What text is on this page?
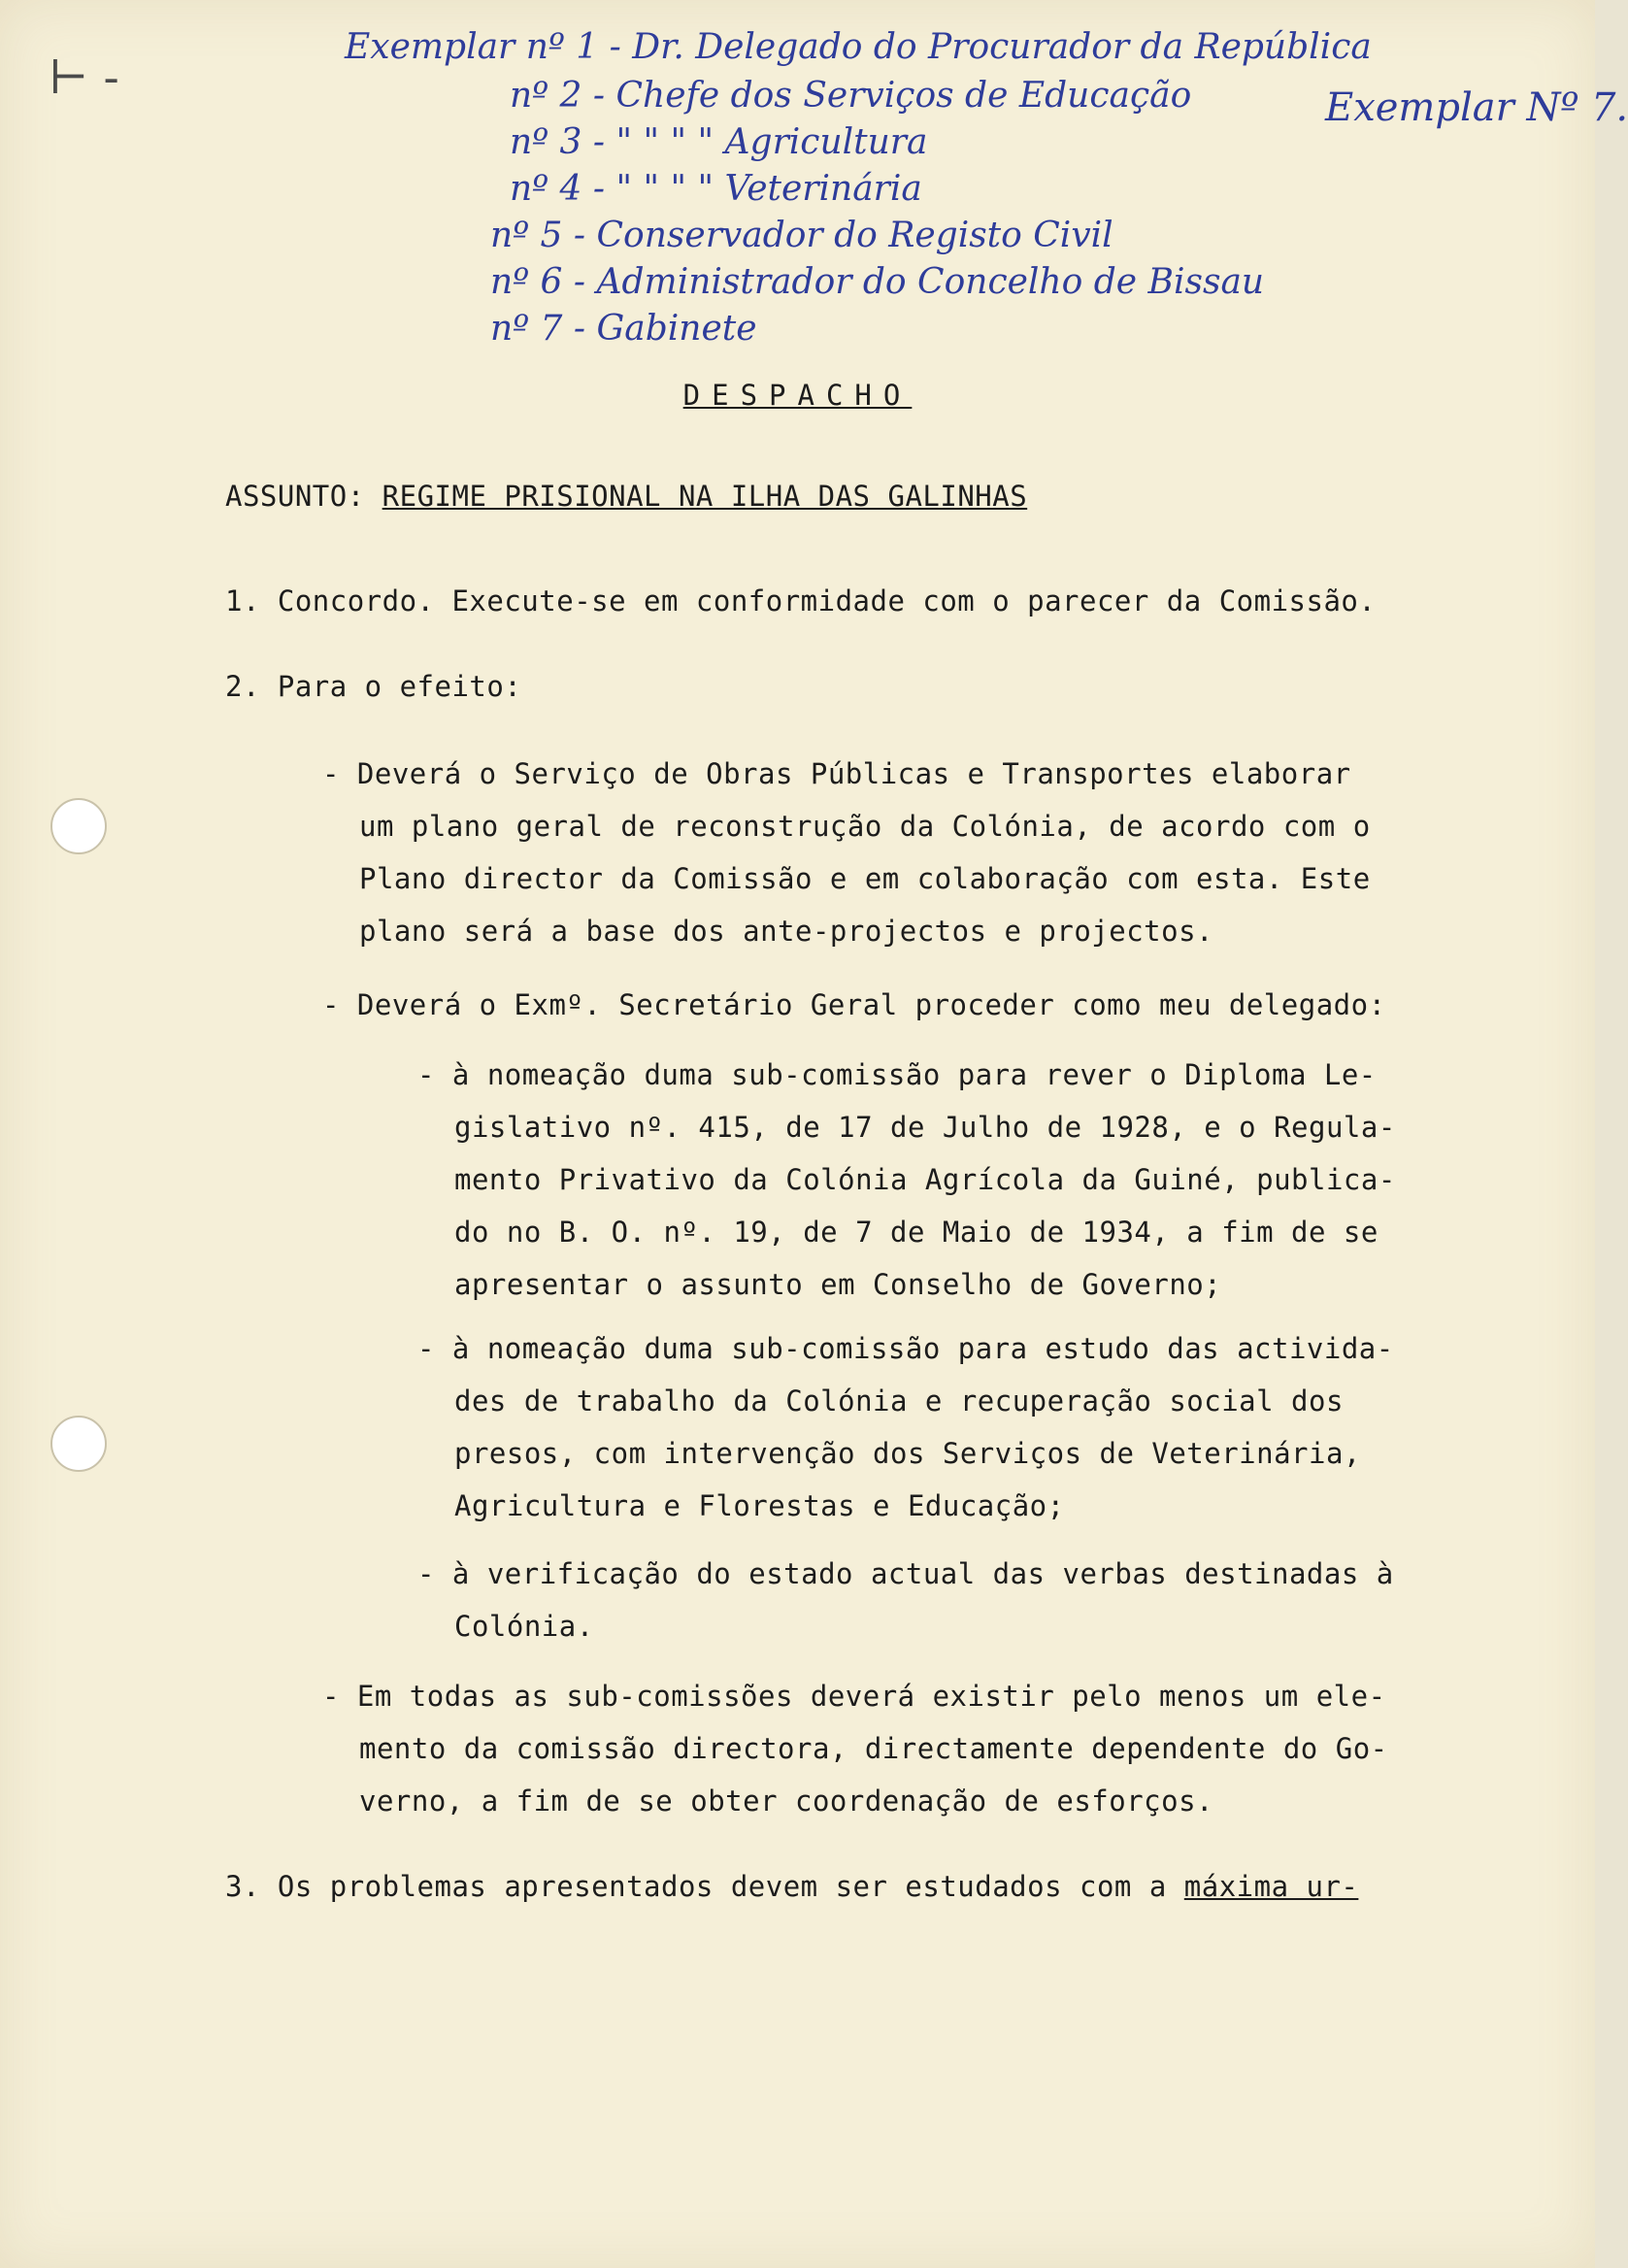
⊢ -
Exemplar nº 1 - Dr. Delegado do Procurador da República
nº 2 - Chefe dos Serviços de Educação
nº 3 - " " " " Agricultura
nº 4 - " " " " Veterinária
nº 5 - Conservador do Registo Civil
nº 6 - Administrador do Concelho de Bissau
nº 7 - Gabinete
Exemplar Nº 7.
DESPACHO
ASSUNTO: REGIME PRISIONAL NA ILHA DAS GALINHAS
1. Concordo. Execute-se em conformidade com o parecer da Comissão.
2. Para o efeito:
- Deverá o Serviço de Obras Públicas e Transportes elaborar
um plano geral de reconstrução da Colónia, de acordo com o
Plano director da Comissão e em colaboração com esta. Este
plano será a base dos ante-projectos e projectos.
- Deverá o Exmº. Secretário Geral proceder como meu delegado:
- à nomeação duma sub-comissão para rever o Diploma Le-
gislativo nº. 415, de 17 de Julho de 1928, e o Regula-
mento Privativo da Colónia Agrícola da Guiné, publica-
do no B. O. nº. 19, de 7 de Maio de 1934, a fim de se
apresentar o assunto em Conselho de Governo;
- à nomeação duma sub-comissão para estudo das activida-
des de trabalho da Colónia e recuperação social dos
presos, com intervenção dos Serviços de Veterinária,
Agricultura e Florestas e Educação;
- à verificação do estado actual das verbas destinadas à
Colónia.
- Em todas as sub-comissões deverá existir pelo menos um ele-
mento da comissão directora, directamente dependente do Go-
verno, a fim de se obter coordenação de esforços.
3. Os problemas apresentados devem ser estudados com a máxima ur-
